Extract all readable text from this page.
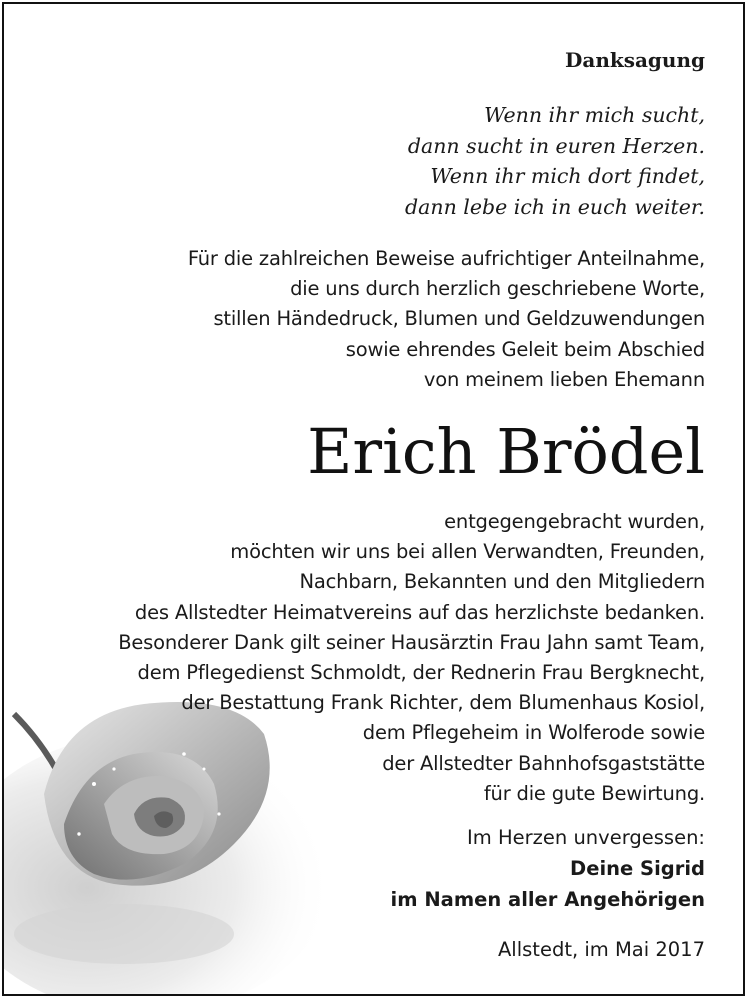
Danksagung
Wenn ihr mich sucht,
dann sucht in euren Herzen.
Wenn ihr mich dort findet,
dann lebe ich in euch weiter.
Für die zahlreichen Beweise aufrichtiger Anteilnahme,
die uns durch herzlich geschriebene Worte,
stillen Händedruck, Blumen und Geldzuwendungen
sowie ehrendes Geleit beim Abschied
von meinem lieben Ehemann
Erich Brödel
entgegengebracht wurden,
möchten wir uns bei allen Verwandten, Freunden,
Nachbarn, Bekannten und den Mitgliedern
des Allstedter Heimatvereins auf das herzlichste bedanken.
Besonderer Dank gilt seiner Hausärztin Frau Jahn samt Team,
dem Pflegedienst Schmoldt, der Rednerin Frau Bergknecht,
der Bestattung Frank Richter, dem Blumenhaus Kosiol,
dem Pflegeheim in Wolferode sowie
der Allstedter Bahnhofsgaststätte
für die gute Bewirtung.
Im Herzen unvergessen:
Deine Sigrid
im Namen aller Angehörigen
Allstedt, im Mai 2017
